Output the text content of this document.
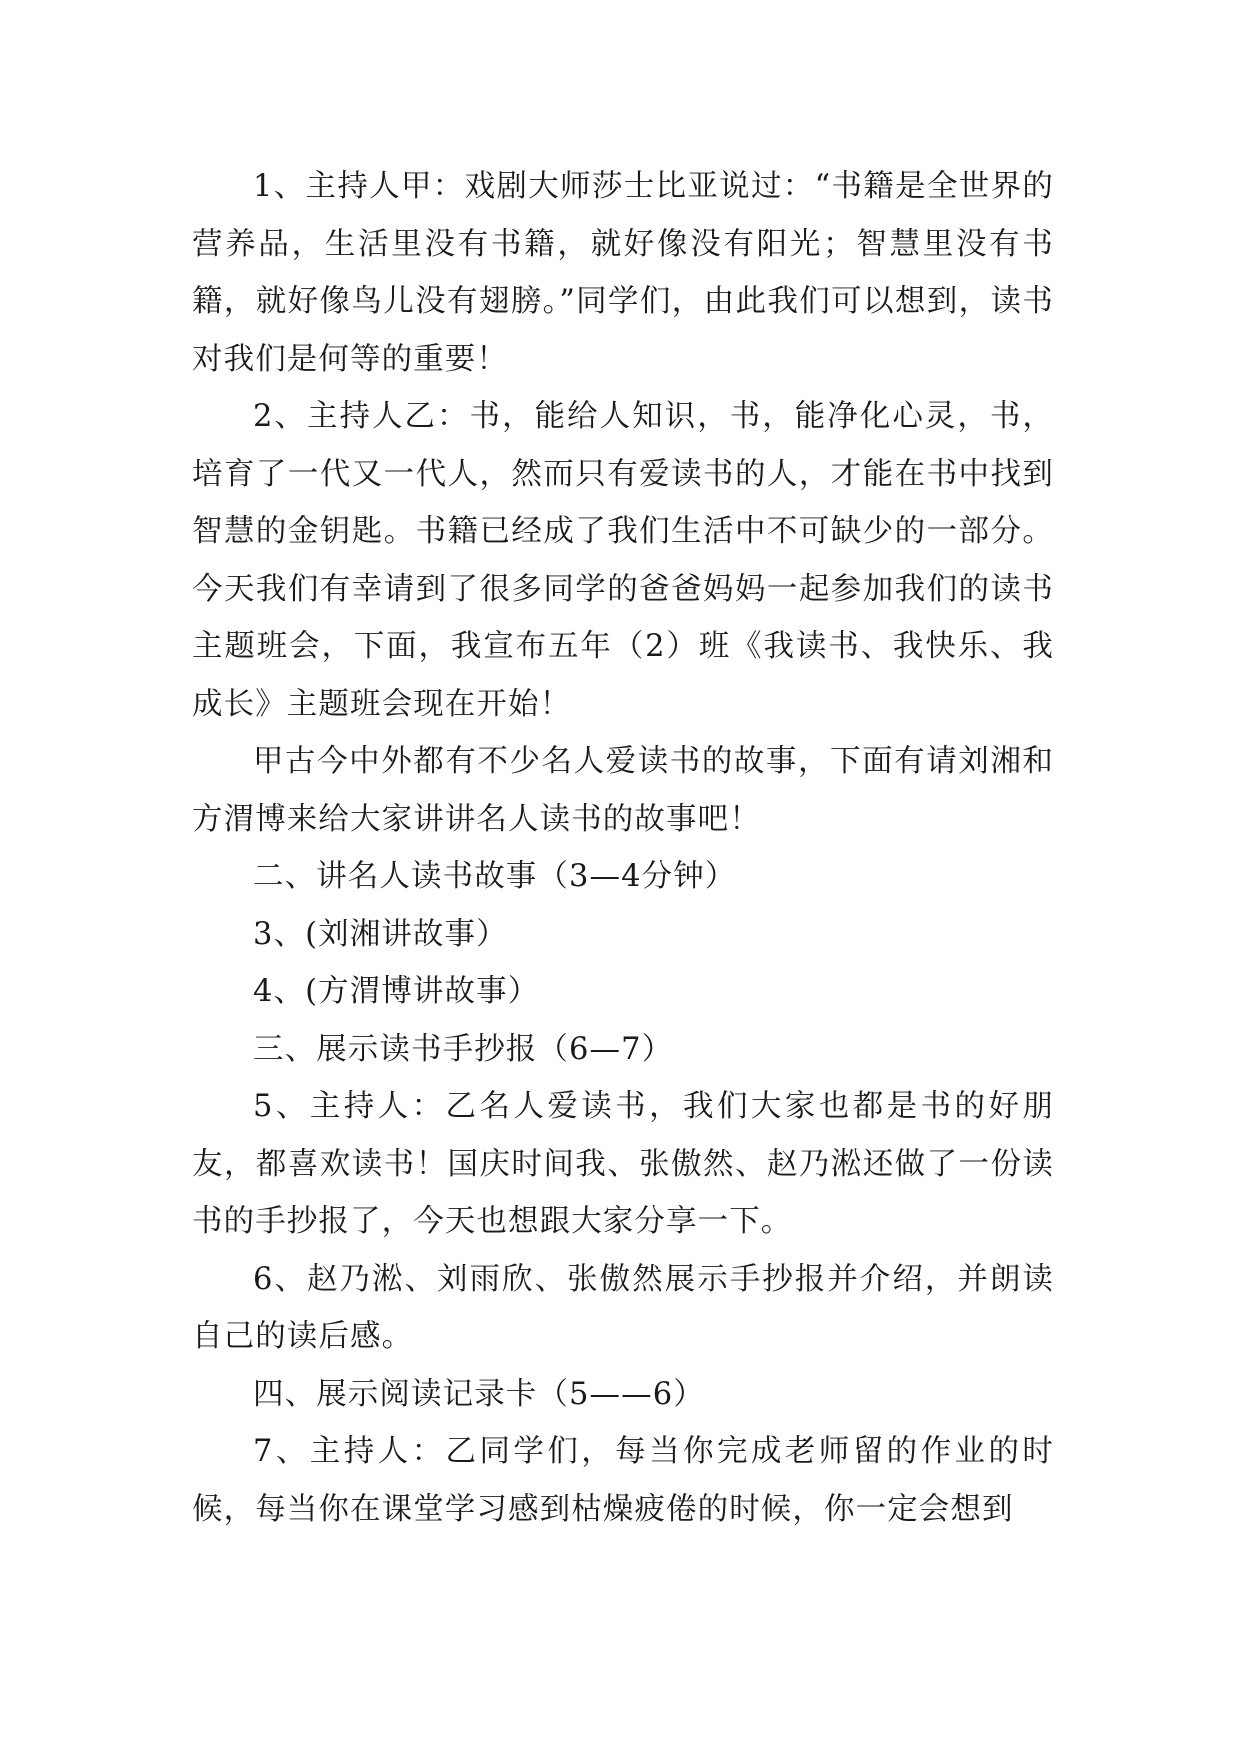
1、主持人甲：戏剧大师莎士比亚说过：“书籍是全世界的营养品，生活里没有书籍，就好像没有阳光；智慧里没有书籍，就好像鸟儿没有翅膀。”同学们，由此我们可以想到，读书对我们是何等的重要！

2、主持人乙：书，能给人知识，书，能净化心灵，书，培育了一代又一代人，然而只有爱读书的人，才能在书中找到智慧的金钥匙。书籍已经成了我们生活中不可缺少的一部分。今天我们有幸请到了很多同学的爸爸妈妈一起参加我们的读书主题班会，下面，我宣布五年（2）班《我读书、我快乐、我成长》主题班会现在开始！

甲古今中外都有不少名人爱读书的故事，下面有请刘湘和方渭博来给大家讲讲名人读书的故事吧！

二、讲名人读书故事（3—4分钟）

3、(刘湘讲故事）

4、(方渭博讲故事）

三、展示读书手抄报（6—7）

5、主持人：乙名人爱读书，我们大家也都是书的好朋友，都喜欢读书！国庆时间我、张傲然、赵乃淞还做了一份读书的手抄报了，今天也想跟大家分享一下。

6、赵乃淞、刘雨欣、张傲然展示手抄报并介绍，并朗读自己的读后感。

四、展示阅读记录卡（5——6）

7、主持人：乙同学们，每当你完成老师留的作业的时候，每当你在课堂学习感到枯燥疲倦的时候，你一定会想到
